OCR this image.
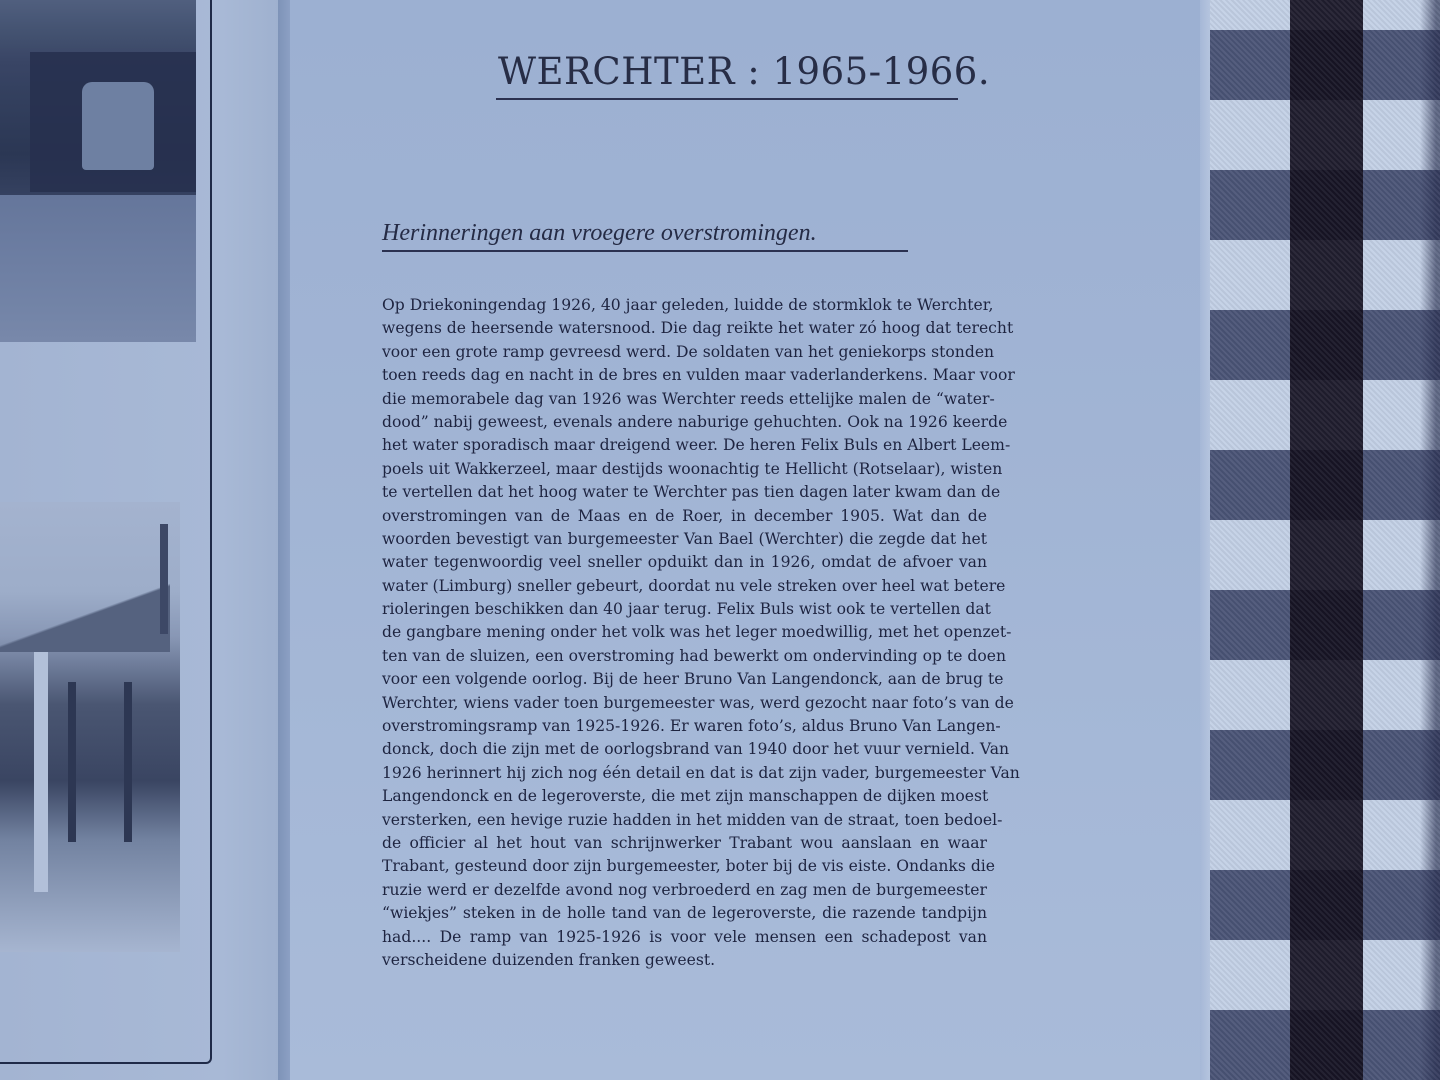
WERCHTER : 1965-1966.
Herinneringen aan vroegere overstromingen.
Op Driekoningendag 1926, 40 jaar geleden, luidde de stormklok te Werchter,
wegens de heersende watersnood. Die dag reikte het water zó hoog dat terecht
voor een grote ramp gevreesd werd. De soldaten van het geniekorps stonden
toen reeds dag en nacht in de bres en vulden maar vaderlanderkens. Maar voor
die memorabele dag van 1926 was Werchter reeds ettelijke malen de “water-
dood” nabij geweest, evenals andere naburige gehuchten. Ook na 1926 keerde
het water sporadisch maar dreigend weer. De heren Felix Buls en Albert Leem-
poels uit Wakkerzeel, maar destijds woonachtig te Hellicht (Rotselaar), wisten
te vertellen dat het hoog water te Werchter pas tien dagen later kwam dan de
overstromingen van de Maas en de Roer, in december 1905. Wat dan de
woorden bevestigt van burgemeester Van Bael (Werchter) die zegde dat het
water tegenwoordig veel sneller opduikt dan in 1926, omdat de afvoer van
water (Limburg) sneller gebeurt, doordat nu vele streken over heel wat betere
rioleringen beschikken dan 40 jaar terug. Felix Buls wist ook te vertellen dat
de gangbare mening onder het volk was het leger moedwillig, met het openzet-
ten van de sluizen, een overstroming had bewerkt om ondervinding op te doen
voor een volgende oorlog. Bij de heer Bruno Van Langendonck, aan de brug te
Werchter, wiens vader toen burgemeester was, werd gezocht naar foto’s van de
overstromingsramp van 1925-1926. Er waren foto’s, aldus Bruno Van Langen-
donck, doch die zijn met de oorlogsbrand van 1940 door het vuur vernield. Van
1926 herinnert hij zich nog één detail en dat is dat zijn vader, burgemeester Van
Langendonck en de legeroverste, die met zijn manschappen de dijken moest
versterken, een hevige ruzie hadden in het midden van de straat, toen bedoel-
de officier al het hout van schrijnwerker Trabant wou aanslaan en waar
Trabant, gesteund door zijn burgemeester, boter bij de vis eiste. Ondanks die
ruzie werd er dezelfde avond nog verbroederd en zag men de burgemeester
“wiekjes” steken in de holle tand van de legeroverste, die razende tandpijn
had.... De ramp van 1925-1926 is voor vele mensen een schadepost van
verscheidene duizenden franken geweest.
